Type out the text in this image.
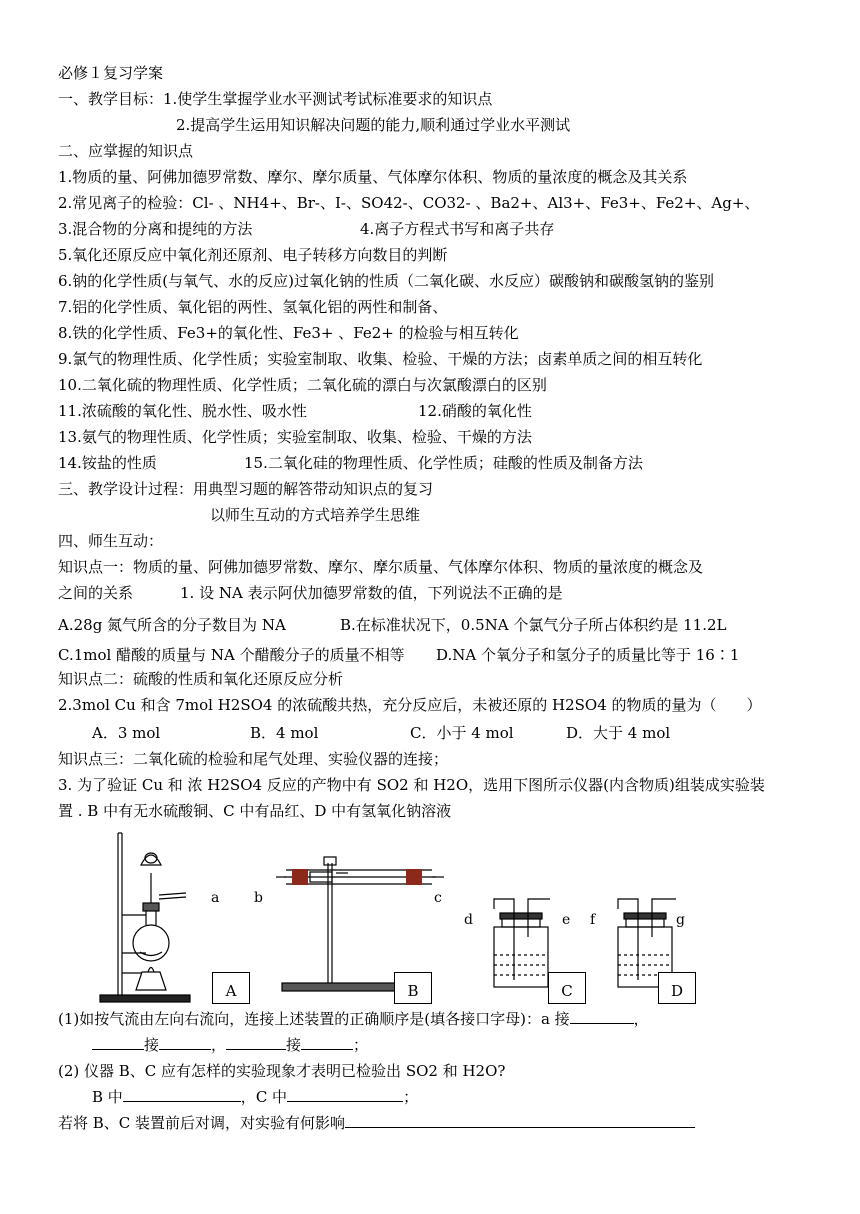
必修１复习学案
一、教学目标：1.使学生掌握学业水平测试考试标准要求的知识点
2.提高学生运用知识解决问题的能力,顺利通过学业水平测试
二、应掌握的知识点
1.物质的量、阿佛加德罗常数、摩尔、摩尔质量、气体摩尔体积、物质的量浓度的概念及其关系
2.常见离子的检验：Cl- 、NH4+、Br-、I-、SO42-、CO32- 、Ba2+、Al3+、Fe3+、Fe2+、Ag+、
3.混合物的分离和提纯的方法	4.离子方程式书写和离子共存
5.氧化还原反应中氧化剂还原剂、电子转移方向数目的判断
6.钠的化学性质(与氧气、水的反应)过氧化钠的性质（二氧化碳、水反应）碳酸钠和碳酸氢钠的鉴别
7.铝的化学性质、氧化铝的两性、氢氧化铝的两性和制备、
8.铁的化学性质、Fe3+的氧化性、Fe3+ 、Fe2+ 的检验与相互转化
9.氯气的物理性质、化学性质；实验室制取、收集、检验、干燥的方法；卤素单质之间的相互转化
10.二氧化硫的物理性质、化学性质；二氧化硫的漂白与次氯酸漂白的区别
11.浓硫酸的氧化性、脱水性、吸水性	12.硝酸的氧化性
13.氨气的物理性质、化学性质；实验室制取、收集、检验、干燥的方法
14.铵盐的性质	15.二氧化硅的物理性质、化学性质；硅酸的性质及制备方法
三、教学设计过程：用典型习题的解答带动知识点的复习
以师生互动的方式培养学生思维
四、师生互动：
知识点一：物质的量、阿佛加德罗常数、摩尔、摩尔质量、气体摩尔体积、物质的量浓度的概念及
之间的关系	1. 设 NA 表示阿伏加德罗常数的值，下列说法不正确的是
A.28g 氮气所含的分子数目为 NA	B.在标准状况下，0.5NA 个氯气分子所占体积约是 11.2L
C.1mol 醋酸的质量与 NA 个醋酸分子的质量不相等 D.NA 个氧分子和氢分子的质量比等于 16∶1
知识点二：硫酸的性质和氧化还原反应分析
2.3mol Cu 和含 7mol H2SO4 的浓硫酸共热，充分反应后，未被还原的 H2SO4 的物质的量为（　　）
A．3 mol	B．4 mol	C．小于 4 mol	D．大于 4 mol
知识点三：二氧化硫的检验和尾气处理、实验仪器的连接；
3. 为了验证 Cu 和 浓 H2SO4 反应的产物中有 SO2 和 H2O，选用下图所示仪器(内含物质)组装成实验装
置 . B 中有无水硫酸铜、C 中有品红、D 中有氢氧化钠溶液
a b	c
d	e f	g
A	B	C	D
(1)如按气流由左向右流向，连接上述装置的正确顺序是(填各接口字母)：a 接	，
接	，	接	；
(2) 仪器 B、C 应有怎样的实验现象才表明已检验出 SO2 和 H2O?
B 中	，C 中	；
若将 B、C 装置前后对调，对实验有何影响
